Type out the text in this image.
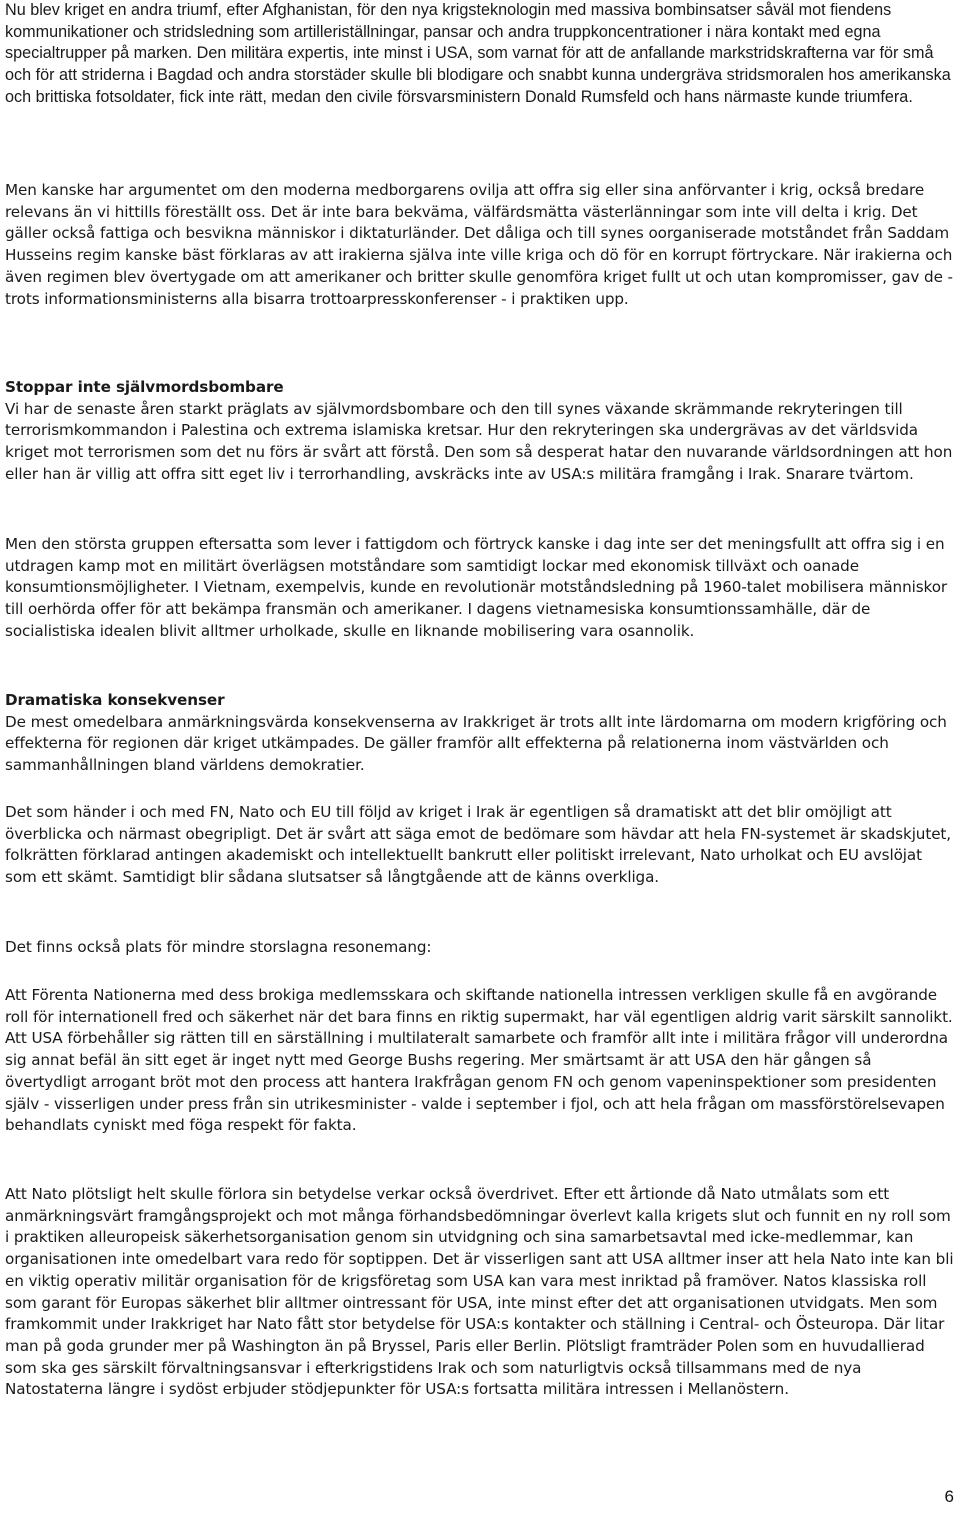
Nu blev kriget en andra triumf, efter Afghanistan, för den nya krigsteknologin med massiva bombinsatser såväl mot fiendens kommunikationer och stridsledning som artilleriställningar, pansar och andra truppkoncentrationer i nära kontakt med egna specialtrupper på marken. Den militära expertis, inte minst i USA, som varnat för att de anfallande markstridskrafterna var för små och för att striderna i Bagdad och andra storstäder skulle bli blodigare och snabbt kunna undergräva stridsmoralen hos amerikanska och brittiska fotsoldater, fick inte rätt, medan den civile försvarsministern Donald Rumsfeld och hans närmaste kunde triumfera.

Men kanske har argumentet om den moderna medborgarens ovilja att offra sig eller sina anförvanter i krig, också bredare relevans än vi hittills föreställt oss. Det är inte bara bekväma, välfärdsmätta västerlänningar som inte vill delta i krig. Det gäller också fattiga och besvikna människor i diktaturländer. Det dåliga och till synes oorganiserade motståndet från Saddam Husseins regim kanske bäst förklaras av att irakierna själva inte ville kriga och dö för en korrupt förtryckare. När irakierna och även regimen blev övertygade om att amerikaner och britter skulle genomföra kriget fullt ut och utan kompromisser, gav de - trots informationsministerns alla bisarra trottoarpresskonferenser - i praktiken upp.

Stoppar inte självmordsbombare

Vi har de senaste åren starkt präglats av självmordsbombare och den till synes växande skrämmande rekryteringen till terrorismkommandon i Palestina och extrema islamiska kretsar. Hur den rekryteringen ska undergrävas av det världsvida kriget mot terrorismen som det nu förs är svårt att förstå. Den som så desperat hatar den nuvarande världsordningen att hon eller han är villig att offra sitt eget liv i terrorhandling, avskräcks inte av USA:s militära framgång i Irak. Snarare tvärtom.

Men den största gruppen eftersatta som lever i fattigdom och förtryck kanske i dag inte ser det meningsfullt att offra sig i en utdragen kamp mot en militärt överlägsen motståndare som samtidigt lockar med ekonomisk tillväxt och oanade konsumtionsmöjligheter. I Vietnam, exempelvis, kunde en revolutionär motståndsledning på 1960-talet mobilisera människor till oerhörda offer för att bekämpa fransmän och amerikaner. I dagens vietnamesiska konsumtionssamhälle, där de socialistiska idealen blivit alltmer urholkade, skulle en liknande mobilisering vara osannolik.

Dramatiska konsekvenser

De mest omedelbara anmärkningsvärda konsekvenserna av Irakkriget är trots allt inte lärdomarna om modern krigföring och effekterna för regionen där kriget utkämpades. De gäller framför allt effekterna på relationerna inom västvärlden och sammanhållningen bland världens demokratier.

Det som händer i och med FN, Nato och EU till följd av kriget i Irak är egentligen så dramatiskt att det blir omöjligt att överblicka och närmast obegripligt. Det är svårt att säga emot de bedömare som hävdar att hela FN-systemet är skadskjutet, folkrätten förklarad antingen akademiskt och intellektuellt bankrutt eller politiskt irrelevant, Nato urholkat och EU avslöjat som ett skämt. Samtidigt blir sådana slutsatser så långtgående att de känns overkliga.

Det finns också plats för mindre storslagna resonemang:

Att Förenta Nationerna med dess brokiga medlemsskara och skiftande nationella intressen verkligen skulle få en avgörande roll för internationell fred och säkerhet när det bara finns en riktig supermakt, har väl egentligen aldrig varit särskilt sannolikt. Att USA förbehåller sig rätten till en särställning i multilateralt samarbete och framför allt inte i militära frågor vill underordna sig annat befäl än sitt eget är inget nytt med George Bushs regering. Mer smärtsamt är att USA den här gången så övertydligt arrogant bröt mot den process att hantera Irakfrågan genom FN och genom vapeninspektioner som presidenten själv - visserligen under press från sin utrikesminister - valde i september i fjol, och att hela frågan om massförstörelsevapen behandlats cyniskt med föga respekt för fakta.

Att Nato plötsligt helt skulle förlora sin betydelse verkar också överdrivet. Efter ett årtionde då Nato utmålats som ett anmärkningsvärt framgångsprojekt och mot många förhandsbedömningar överlevt kalla krigets slut och funnit en ny roll som i praktiken alleuropeisk säkerhetsorganisation genom sin utvidgning och sina samarbetsavtal med icke-medlemmar, kan organisationen inte omedelbart vara redo för soptippen. Det är visserligen sant att USA alltmer inser att hela Nato inte kan bli en viktig operativ militär organisation för de krigsföretag som USA kan vara mest inriktad på framöver. Natos klassiska roll som garant för Europas säkerhet blir alltmer ointressant för USA, inte minst efter det att organisationen utvidgats. Men som framkommit under Irakkriget har Nato fått stor betydelse för USA:s kontakter och ställning i Central- och Östeuropa. Där litar man på goda grunder mer på Washington än på Bryssel, Paris eller Berlin. Plötsligt framträder Polen som en huvudallierad som ska ges särskilt förvaltningsansvar i efterkrigstidens Irak och som naturligtvis också tillsammans med de nya Natostaterna längre i sydöst erbjuder stödjepunkter för USA:s fortsatta militära intressen i Mellanöstern.

6
